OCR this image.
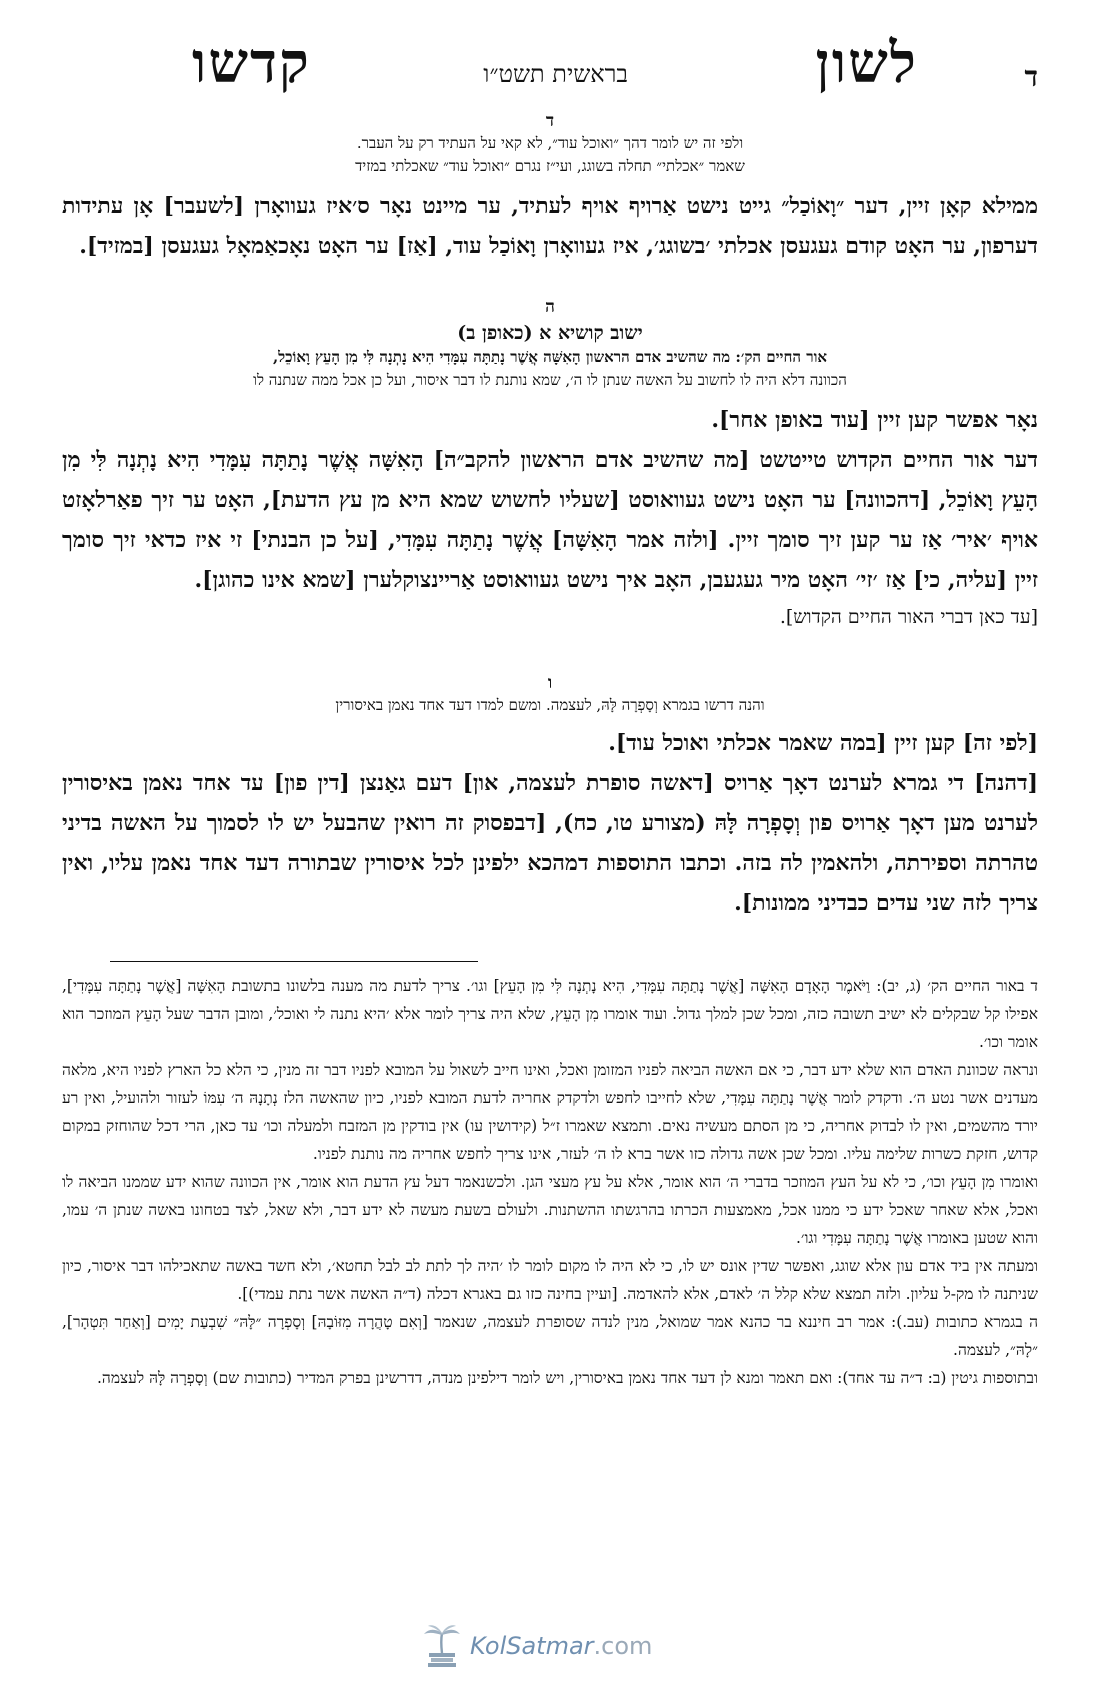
ד
לשון
בראשית תשט״ו
קדשו

ד

ולפי זה יש לומר דהך ״ואוכל עוד״, לא קאי על העתיד רק על העבר.

שאמר ״אכלתי״ תחלה בשוגג, ועי״ז נגרם ״ואוכל עוד״ שאכלתי במזיד

ממילא קאָן זיין, דער ״וָאוֹכַל״ גייט נישט אַרויף אויף לעתיד, ער מיינט נאָר ס׳איז געוואָרן [לשעבר] אָן עתידות דערפון, ער האָט קודם געגעסן אכלתי ׳בשוגג׳, איז געוואָרן וָאוֹכַל עוד, [אַז] ער האָט נאָכאַמאָל געגעסן [במזיד].

ה

ישוב קושיא א (כאופן ב)

אור החיים הק׳: מה שהשיב אדם הראשון הָאִשָּׁה אֲשֶׁר נָתַתָּה עִמָּדִי הִיא נָתְנָה לִּי מִן הָעֵץ וָאוֹכֵל,

הכוונה דלא היה לו לחשוב על האשה שנתן לו ה׳, שמא נותנת לו דבר איסור, ועל כן אכל ממה שנתנה לו

נאָר אפשר קען זיין [עוד באופן אחר].

דער אור החיים הקדוש טייטשט [מה שהשיב אדם הראשון להקב״ה] הָאִשָּׁה אֲשֶׁר נָתַתָּה עִמָּדִי הִיא נָתְנָה לִּי מִן הָעֵץ וָאוֹכֵל, [דהכוונה] ער האָט נישט געוואוסט [שעליו לחשוש שמא היא מן עץ הדעת], האָט ער זיך פאַרלאָזט אויף ׳איר׳ אַז ער קען זיך סומך זיין. [ולזה אמר הָאִשָּׁה] אֲשֶׁר נָתַתָּה עִמָּדִי, [על כן הבנתי] זי איז כדאי זיך סומך זיין [עליה, כי] אַז ׳זי׳ האָט מיר געגעבן, האָב איך נישט געוואוסט אַריינצוקלערן [שמא אינו כהוגן].

[עד כאן דברי האור החיים הקדוש].

ו

והנה דרשו בגמרא וְסָפְרָה לָּהּ, לעצמה. ומשם למדו דעד אחד נאמן באיסורין

[לפי זה] קען זיין [במה שאמר אכלתי ואוכל עוד].

[דהנה] די גמרא לערנט דאָך אַרויס [דאשה סופרת לעצמה, און] דעם גאַנצן [דין פון] עד אחד נאמן באיסורין לערנט מען דאָך אַרויס פון וְסָפְרָה לָּהּ (מצורע טו, כח), [דבפסוק זה רואין שהבעל יש לו לסמוך על האשה בדיני טהרתה וספירתה, ולהאמין לה בזה. וכתבו התוספות דמהכא ילפינן לכל איסורין שבתורה דעד אחד נאמן עליו, ואין צריך לזה שני עדים כבדיני ממונות].

ד באור החיים הק׳ (ג, יב): וַיֹּאמֶר הָאָדָם הָאִשָּׁה [אֲשֶׁר נָתַתָּה עִמָּדִי, הִיא נָתְנָה לִּי מִן הָעֵץ] וגו׳. צריך לדעת מה מענה בלשונו בתשובת הָאִשָּׁה [אֲשֶׁר נָתַתָּה עִמָּדִי], אפילו קל שבקלים לא ישיב תשובה כזה, ומכל שכן למלך גדול. ועוד אומרו מִן הָעֵץ, שלא היה צריך לומר אלא ׳היא נתנה לי ואוכל׳, ומובן הדבר שעל הָעֵץ המוזכר הוא אומר וכו׳.

ונראה שכוונת האדם הוא שלא ידע דבר, כי אם האשה הביאה לפניו המזומן ואכל, ואינו חייב לשאול על המובא לפניו דבר זה מנין, כי הלא כל הארץ לפניו היא, מלאה מעדנים אשר נטע ה׳. ודקדק לומר אֲשֶׁר נָתַתָּה עִמָּדִי, שלא לחייבו לחפש ולדקדק אחריה לדעת המובא לפניו, כיון שהאשה הלז נְתָנָהּ ה׳ עִמּוֹ לעזור ולהועיל, ואין רע יורד מהשמים, ואין לו לבדוק אחריה, כי מן הסתם מעשיה נאים. ותמצא שאמרו ז״ל (קידושין עו) אין בודקין מן המזבח ולמעלה וכו׳ עד כאן, הרי דכל שהוחזק במקום קדוש, חזקת כשרות שלימה עליו. ומכל שכן אשה גדולה כזו אשר ברא לו ה׳ לעזר, אינו צריך לחפש אחריה מה נותנת לפניו.

ואומרו מִן הָעֵץ וכו׳, כי לא על העץ המוזכר בדברי ה׳ הוא אומר, אלא על עץ מעצי הגן. ולכשנאמר דעל עץ הדעת הוא אומר, אין הכוונה שהוא ידע שממנו הביאה לו ואכל, אלא שאחר שאכל ידע כי ממנו אכל, מאמצעות הכרתו בהרגשתו ההשתנות. ולעולם בשעת מעשה לא ידע דבר, ולא שאל, לצד בטחונו באשה שנתן ה׳ עמו, והוא שטען באומרו אֲשֶׁר נָתַתָּה עִמָּדִי וגו׳.

ומעתה אין ביד אדם עון אלא שוגג, ואפשר שדין אונס יש לו, כי לא היה לו מקום לומר לו ׳היה לך לתת לב לבל תחטא׳, ולא חשד באשה שתאכילהו דבר איסור, כיון שניתנה לו מק-ל עליון. ולזה תמצא שלא קלל ה׳ לאדם, אלא להאדמה. [ועיין בחינה כזו גם באגרא דכלה (ד״ה האשה אשר נתת עמדי)].

ה בגמרא כתובות (עב.): אמר רב חיננא בר כהנא אמר שמואל, מנין לנדה שסופרת לעצמה, שנאמר [וְאִם טָהֲרָה מִזּוֹבָהּ] וְסָפְרָה ״לָּהּ״ שִׁבְעַת יָמִים [וְאַחַר תִּטְהָר], ״לָהּ״, לעצמה.

ובתוספות גיטין (ב: ד״ה עד אחד): ואם תאמר ומנא לן דעד אחד נאמן באיסורין, ויש לומר דילפינן מנדה, דדרשינן בפרק המדיר (כתובות שם) וְסָפְרָה לָּהּ לעצמה.

KolSatmar.com
